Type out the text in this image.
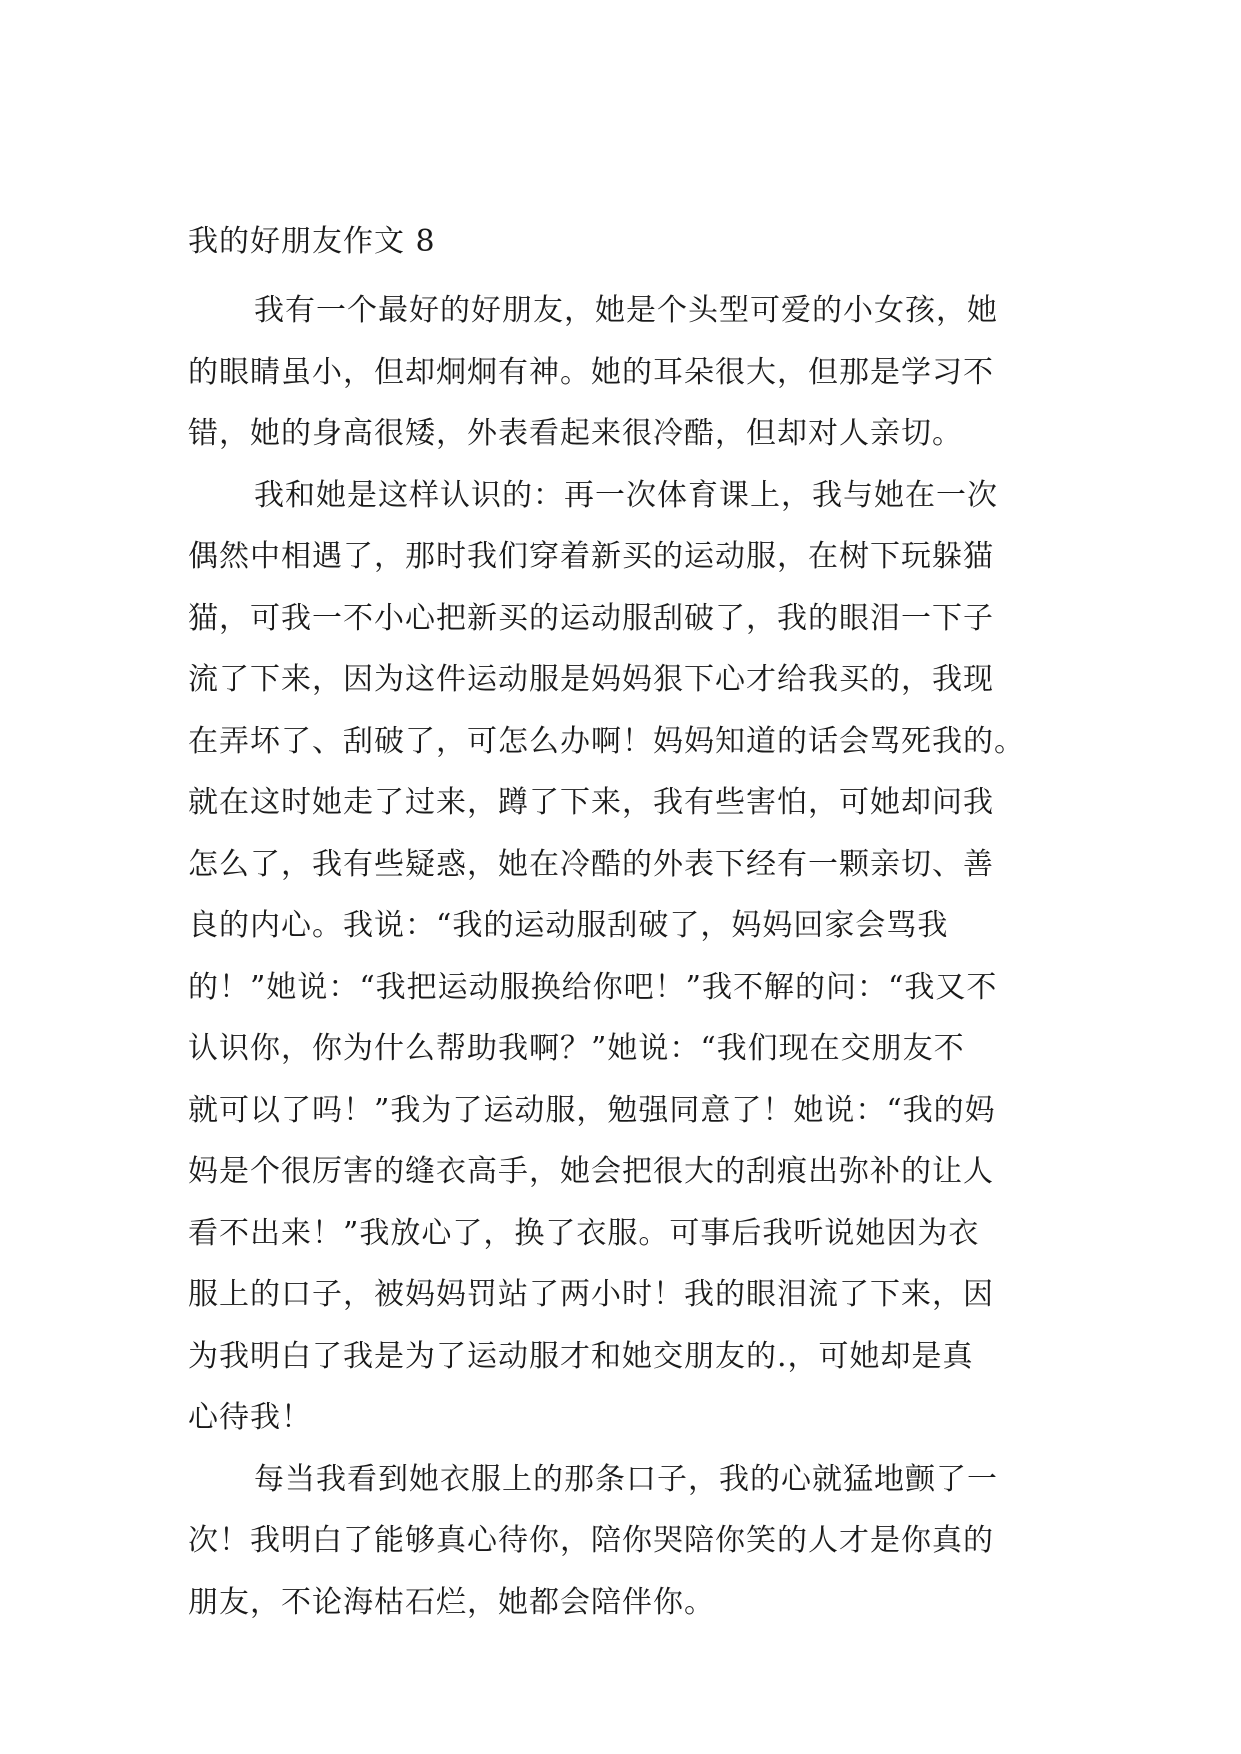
我的好朋友作文 8

我有一个最好的好朋友，她是个头型可爱的小女孩，她
的眼睛虽小，但却炯炯有神。她的耳朵很大，但那是学习不
错，她的身高很矮，外表看起来很冷酷，但却对人亲切。

我和她是这样认识的：再一次体育课上，我与她在一次
偶然中相遇了，那时我们穿着新买的运动服，在树下玩躲猫
猫，可我一不小心把新买的运动服刮破了，我的眼泪一下子
流了下来，因为这件运动服是妈妈狠下心才给我买的，我现
在弄坏了、刮破了，可怎么办啊！妈妈知道的话会骂死我的。
就在这时她走了过来，蹲了下来，我有些害怕，可她却问我
怎么了，我有些疑惑，她在冷酷的外表下经有一颗亲切、善
良的内心。我说：“我的运动服刮破了，妈妈回家会骂我
的！”她说：“我把运动服换给你吧！”我不解的问：“我又不
认识你，你为什么帮助我啊？”她说：“我们现在交朋友不
就可以了吗！”我为了运动服，勉强同意了！她说：“我的妈
妈是个很厉害的缝衣高手，她会把很大的刮痕出弥补的让人
看不出来！”我放心了，换了衣服。可事后我听说她因为衣
服上的口子，被妈妈罚站了两小时！我的眼泪流了下来，因
为我明白了我是为了运动服才和她交朋友的.，可她却是真
心待我！

每当我看到她衣服上的那条口子，我的心就猛地颤了一
次！我明白了能够真心待你，陪你哭陪你笑的人才是你真的
朋友，不论海枯石烂，她都会陪伴你。
